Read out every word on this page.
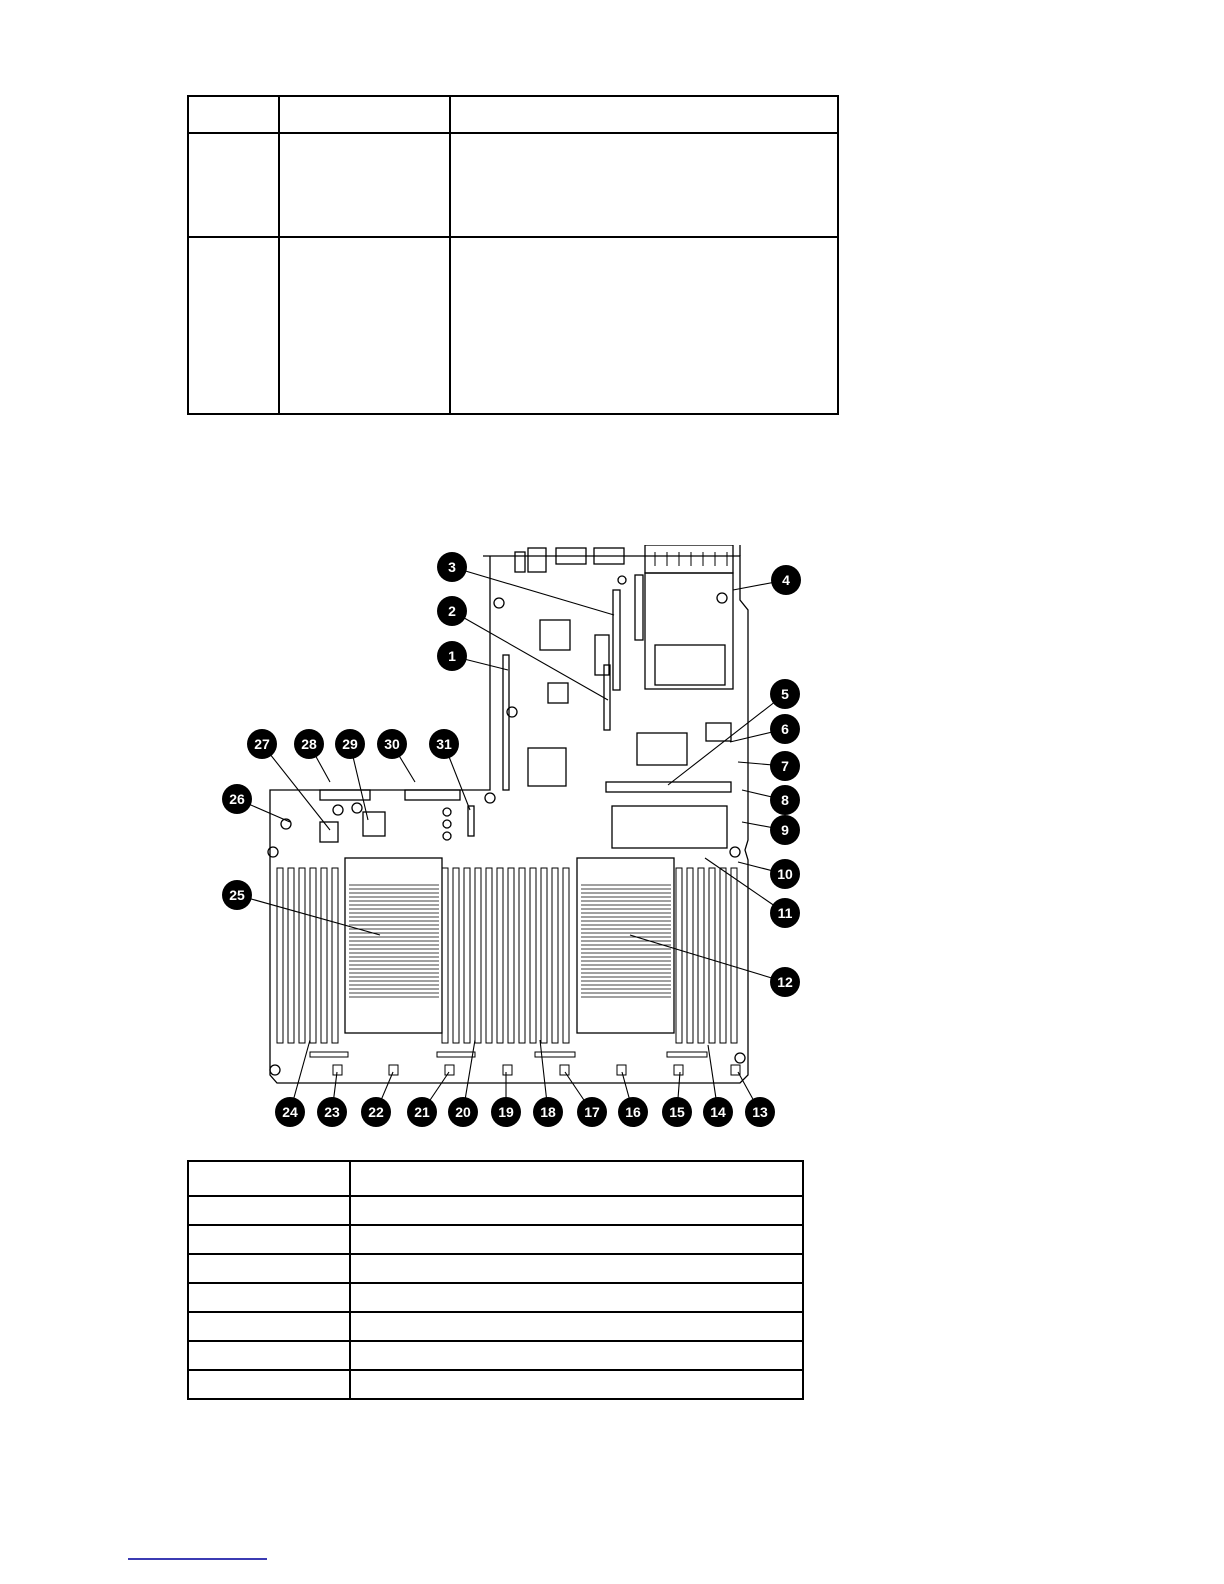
1
2
3
4
5
6
7
8
9
10
11
12
13
14
15
16
17
18
19
20
21
22
23
24
25
26
27 28 29 30	31
